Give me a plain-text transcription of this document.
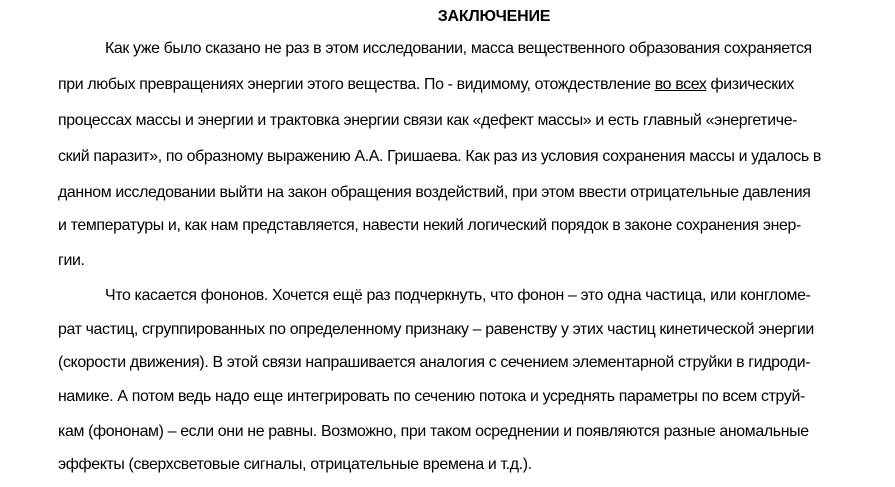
ЗАКЛЮЧЕНИЕ
Как уже было сказано не раз в этом исследовании, масса вещественного образования сохраняется
при любых превращениях энергии этого вещества. По - видимому, отождествление во всех физических
процессах массы и энергии и трактовка энергии связи как «дефект массы» и есть главный «энергетиче-
ский паразит», по образному выражению А.А. Гришаева. Как раз из условия сохранения массы и удалось в
данном исследовании выйти на закон обращения воздействий, при этом ввести отрицательные давления
и температуры и, как нам представляется, навести некий логический порядок в законе сохранения энер-
гии.
Что касается фононов. Хочется ещё раз подчеркнуть, что фонон – это одна частица, или конгломе-
рат частиц, сгруппированных по определенному признаку – равенству у этих частиц кинетической энергии
(скорости движения). В этой связи напрашивается аналогия с сечением элементарной струйки в гидроди-
намике. А потом ведь надо еще интегрировать по сечению потока и усреднять параметры по всем струй-
кам (фононам) – если они не равны. Возможно, при таком осреднении и появляются разные аномальные
эффекты (сверхсветовые сигналы, отрицательные времена и т.д.).
